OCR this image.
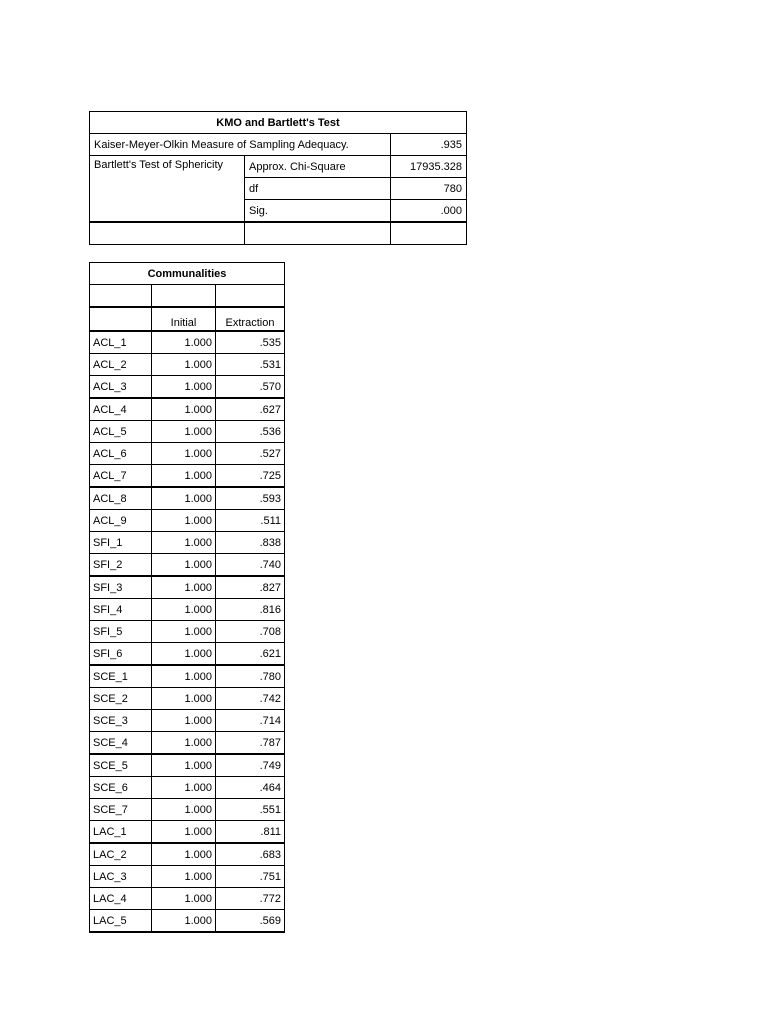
KMO and Bartlett's Test		
Kaiser-Meyer-Olkin Measure of Sampling Adequacy.		.935
Bartlett's Test of Sphericity	Approx. Chi-Square	17935.328
	df	780
	Sig.	.000

Communalities		

	Initial	Extraction
ACL_1	1.000	.535
ACL_2	1.000	.531
ACL_3	1.000	.570
ACL_4	1.000	.627
ACL_5	1.000	.536
ACL_6	1.000	.527
ACL_7	1.000	.725
ACL_8	1.000	.593
ACL_9	1.000	.511
SFI_1	1.000	.838
SFI_2	1.000	.740
SFI_3	1.000	.827
SFI_4	1.000	.816
SFI_5	1.000	.708
SFI_6	1.000	.621
SCE_1	1.000	.780
SCE_2	1.000	.742
SCE_3	1.000	.714
SCE_4	1.000	.787
SCE_5	1.000	.749
SCE_6	1.000	.464
SCE_7	1.000	.551
LAC_1	1.000	.811
LAC_2	1.000	.683
LAC_3	1.000	.751
LAC_4	1.000	.772
LAC_5	1.000	.569
